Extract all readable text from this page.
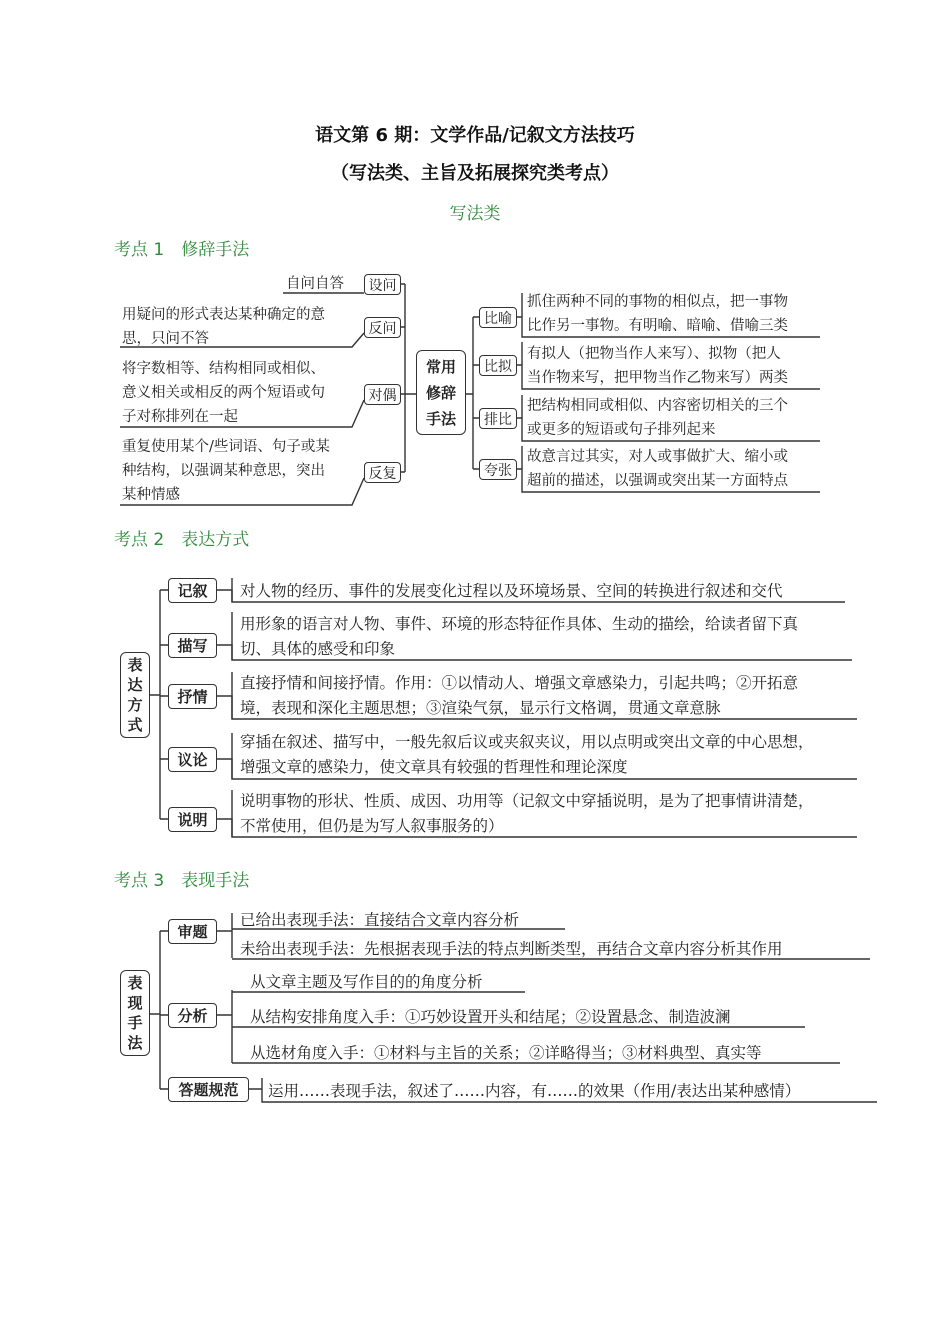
语文第 6 期：文学作品/记叙文方法技巧
（写法类、主旨及拓展探究类考点）
写法类
考点 1　修辞手法
常用
修辞
手法
设问
反问
对偶
反复
自问自答
用疑问的形式表达某种确定的意
思，只问不答
将字数相等、结构相同或相似、
意义相关或相反的两个短语或句
子对称排列在一起
重复使用某个/些词语、句子或某
种结构，以强调某种意思，突出
某种情感
比喻
比拟
排比
夸张
抓住两种不同的事物的相似点，把一事物
比作另一事物。有明喻、暗喻、借喻三类
有拟人（把物当作人来写）、拟物（把人
当作物来写，把甲物当作乙物来写）两类
把结构相同或相似、内容密切相关的三个
或更多的短语或句子排列起来
故意言过其实，对人或事做扩大、缩小或
超前的描述，以强调或突出某一方面特点
考点 2　表达方式
表
达
方
式
记叙
描写
抒情
议论
说明
对人物的经历、事件的发展变化过程以及环境场景、空间的转换进行叙述和交代
用形象的语言对人物、事件、环境的形态特征作具体、生动的描绘，给读者留下真
切、具体的感受和印象
直接抒情和间接抒情。作用：①以情动人、增强文章感染力，引起共鸣；②开拓意
境，表现和深化主题思想；③渲染气氛，显示行文格调，贯通文章意脉
穿插在叙述、描写中，一般先叙后议或夹叙夹议，用以点明或突出文章的中心思想，
增强文章的感染力，使文章具有较强的哲理性和理论深度
说明事物的形状、性质、成因、功用等（记叙文中穿插说明，是为了把事情讲清楚，
不常使用，但仍是为写人叙事服务的）
考点 3　表现手法
表
现
手
法
审题
分析
答题规范
已给出表现手法：直接结合文章内容分析
未给出表现手法：先根据表现手法的特点判断类型，再结合文章内容分析其作用
从文章主题及写作目的的角度分析
从结构安排角度入手：①巧妙设置开头和结尾；②设置悬念、制造波澜
从选材角度入手：①材料与主旨的关系；②详略得当；③材料典型、真实等
运用……表现手法，叙述了……内容，有……的效果（作用/表达出某种感情）
